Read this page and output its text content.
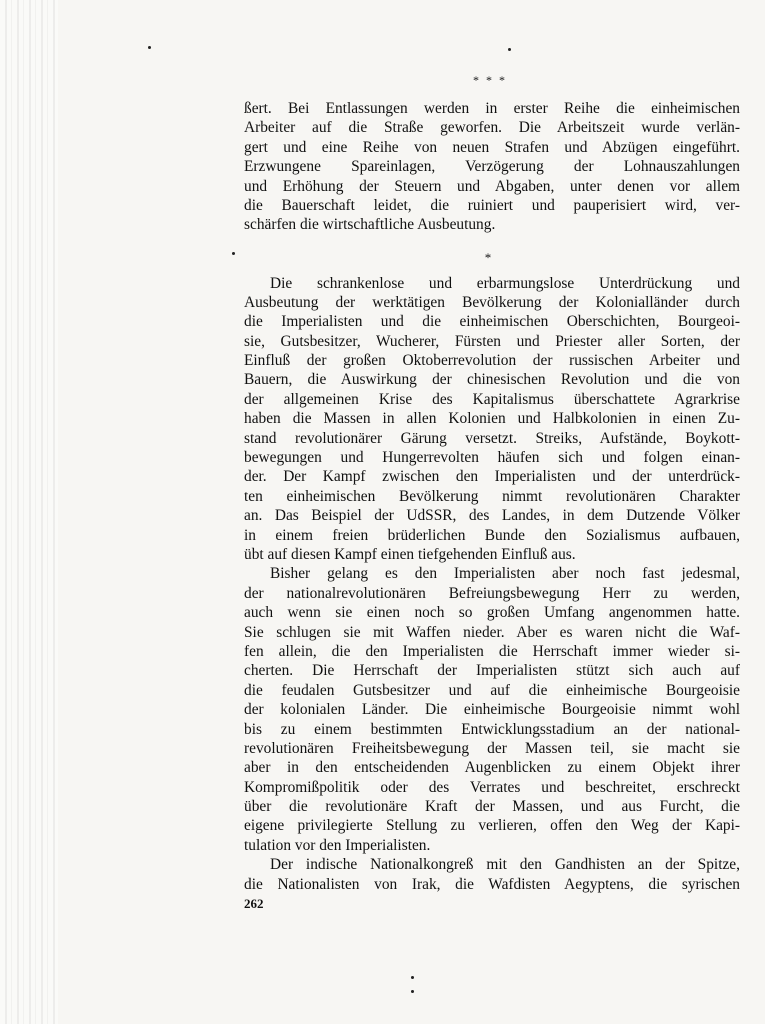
* * *
ßert. Bei Entlassungen werden in erster Reihe die einheimischen
Arbeiter auf die Straße geworfen. Die Arbeitszeit wurde verlän-
gert und eine Reihe von neuen Strafen und Abzügen eingeführt.
Erzwungene Spareinlagen, Verzögerung der Lohnauszahlungen
und Erhöhung der Steuern und Abgaben, unter denen vor allem
die Bauerschaft leidet, die ruiniert und pauperisiert wird, ver-
schärfen die wirtschaftliche Ausbeutung.
Die schrankenlose und erbarmungslose Unterdrückung und
Ausbeutung der werktätigen Bevölkerung der Kolonialländer durch
die Imperialisten und die einheimischen Oberschichten, Bourgeoi-
sie, Gutsbesitzer, Wucherer, Fürsten und Priester aller Sorten, der
Einfluß der großen Oktoberrevolution der russischen Arbeiter und
Bauern, die Auswirkung der chinesischen Revolution und die von
der allgemeinen Krise des Kapitalismus überschattete Agrarkrise
haben die Massen in allen Kolonien und Halbkolonien in einen Zu-
stand revolutionärer Gärung versetzt. Streiks, Aufstände, Boykott-
bewegungen und Hungerrevolten häufen sich und folgen einan-
der. Der Kampf zwischen den Imperialisten und der unterdrück-
ten einheimischen Bevölkerung nimmt revolutionären Charakter
an. Das Beispiel der UdSSR, des Landes, in dem Dutzende Völker
in einem freien brüderlichen Bunde den Sozialismus aufbauen,
übt auf diesen Kampf einen tiefgehenden Einfluß aus.
Bisher gelang es den Imperialisten aber noch fast jedesmal,
der nationalrevolutionären Befreiungsbewegung Herr zu werden,
auch wenn sie einen noch so großen Umfang angenommen hatte.
Sie schlugen sie mit Waffen nieder. Aber es waren nicht die Waf-
fen allein, die den Imperialisten die Herrschaft immer wieder si-
cherten. Die Herrschaft der Imperialisten stützt sich auch auf
die feudalen Gutsbesitzer und auf die einheimische Bourgeoisie
der kolonialen Länder. Die einheimische Bourgeoisie nimmt wohl
bis zu einem bestimmten Entwicklungsstadium an der national-
revolutionären Freiheitsbewegung der Massen teil, sie macht sie
aber in den entscheidenden Augenblicken zu einem Objekt ihrer
Kompromißpolitik oder des Verrates und beschreitet, erschreckt
über die revolutionäre Kraft der Massen, und aus Furcht, die
eigene privilegierte Stellung zu verlieren, offen den Weg der Kapi-
tulation vor den Imperialisten.
Der indische Nationalkongreß mit den Gandhisten an der Spitze,
die Nationalisten von Irak, die Wafdisten Aegyptens, die syrischen
*
262
